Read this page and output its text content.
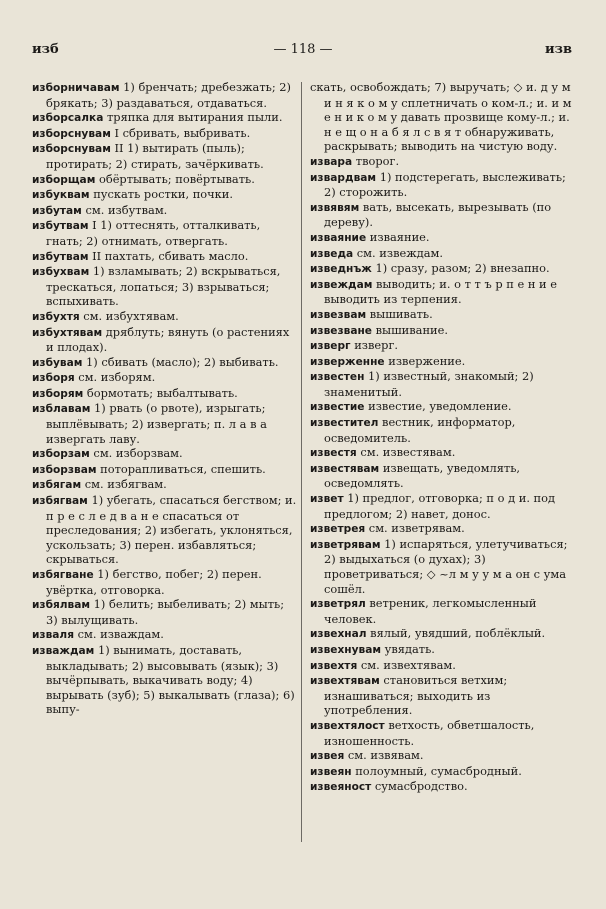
изб	— 118 —	изв

изборничавам 1) бренчать; дребезжать; 2) брякать; 3) раздаваться, отдаваться.

изборсалка тряпка для вытирания пыли.

изборснувам I сбривать, выбривать.

изборснувам II 1) вытирать (пыль); протирать; 2) стирать, зачёркивать.

изборщам обёртывать; повёртывать.

избуквам пускать ростки, почки.

избутам см. избутвам.

избутвам I 1) оттеснять, отталкивать, гнать; 2) отнимать, отвергать.

избутвам II пахтать, сбивать масло.

избухвам 1) взламывать; 2) вскрываться, трескаться, лопаться; 3) взрываться; вспыхивать.

избухтя см. избухтявам.

избухтявам дряблуть; вянуть (о растениях и плодах).

избувам 1) сбивать (масло); 2) выбивать.

изборя см. изборям.

изборям бормотать; выбалтывать.

изблавам 1) рвать (о рвоте), изрыгать; выплёвывать; 2) извергать; п. л а в а извергать лаву.

изборзам см. изборзвам.

изборзвам поторапливаться, спешить.

избягам см. избягвам.

избягвам 1) убегать, спасаться бегством; и. п р е с л е д в а н е спасаться от преследования; 2) избегать, уклоняться, ускользать; 3) перен. избавляться; скрываться.

избягване 1) бегство, побег; 2) перен. увёртка, отговорка.

избялвам 1) белить; выбеливать; 2) мыть; 3) вылущивать.

изваля см. изваждам.

изваждам 1) вынимать, доставать, выкладывать; 2) высовывать (язык); 3) вычёрпывать, выкачивать воду; 4) вырывать (зуб); 5) выкалывать (глаза); 6) выпу-

скать, освобождать; 7) выручать; ◇ и. д у м и н я к о м у сплетничать о ком-л.; и. и м е н и к о м у давать прозвище кому-л.; и. н е щ о н а б я л с в я т обнаруживать, раскрывать; выводить на чистую воду.

извара творог.

извардвам 1) подстерегать, выслеживать; 2) сторожить.

извявям вать, высекать, вырезывать (по дереву).

изваяние изваяние.

изведа см. извеждам.

изведнъж 1) сразу, разом; 2) внезапно.

извеждам выводить; и. о т т ъ р п е н и е выводить из терпения.

извезвам вышивать.

извезване вышивание.

изверг изверг.

изверженне извержение.

известен 1) известный, знакомый; 2) знаменитый.

известие известие, уведомление.

известител вестник, информатор, осведомитель.

известя см. известявам.

известявам извещать, уведомлять, осведомлять.

извет 1) предлог, отговорка; п о д и. под предлогом; 2) навет, донос.

изветрея см. изветрявам.

изветрявам 1) испаряться, улетучиваться; 2) выдыхаться (о духах); 3) проветриваться; ◇ ~л м у у м а он с ума сошёл.

изветрял ветреник, легкомысленный человек.

извехнал вялый, увядший, поблёклый.

извехнувам увядать.

извехтя см. извехтявам.

извехтявам становиться ветхим; изнашиваться; выходить из употребления.

извехтялост ветхость, обветшалость, изношенность.

извея см. извявам.

извеян полоумный, сумасбродный.

извеяност сумасбродство.
